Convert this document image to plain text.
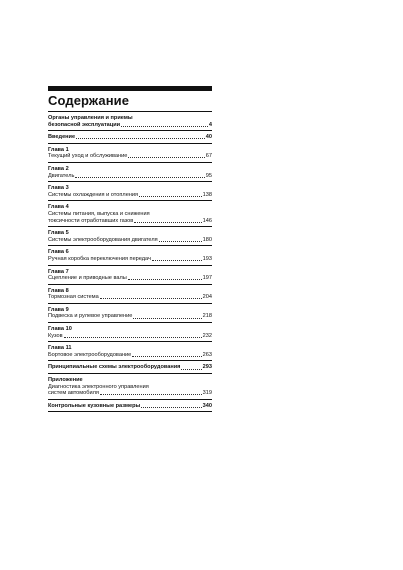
Содержание
Органы управления и приемы
безопасной эксплуатации	4
Введение	40
Глава 1
Текущий уход и обслуживание	67
Глава 2
Двигатель	95
Глава 3
Системы охлаждения и отопления	138
Глава 4
Системы питания, выпуска и снижения
токсичности отработавших газов	146
Глава 5
Системы электрооборудования двигателя	180
Глава 6
Ручная коробка переключения передач	193
Глава 7
Сцепление и приводные валы	197
Глава 8
Тормозная система	204
Глава 9
Подвеска и рулевое управление	218
Глава 10
Кузов	232
Глава 11
Бортовое электрооборудование	263
Принципиальные схемы электрооборудования	293
Приложение
Диагностика электронного управления
систем автомобиля	319
Контрольные кузовные размеры	340
